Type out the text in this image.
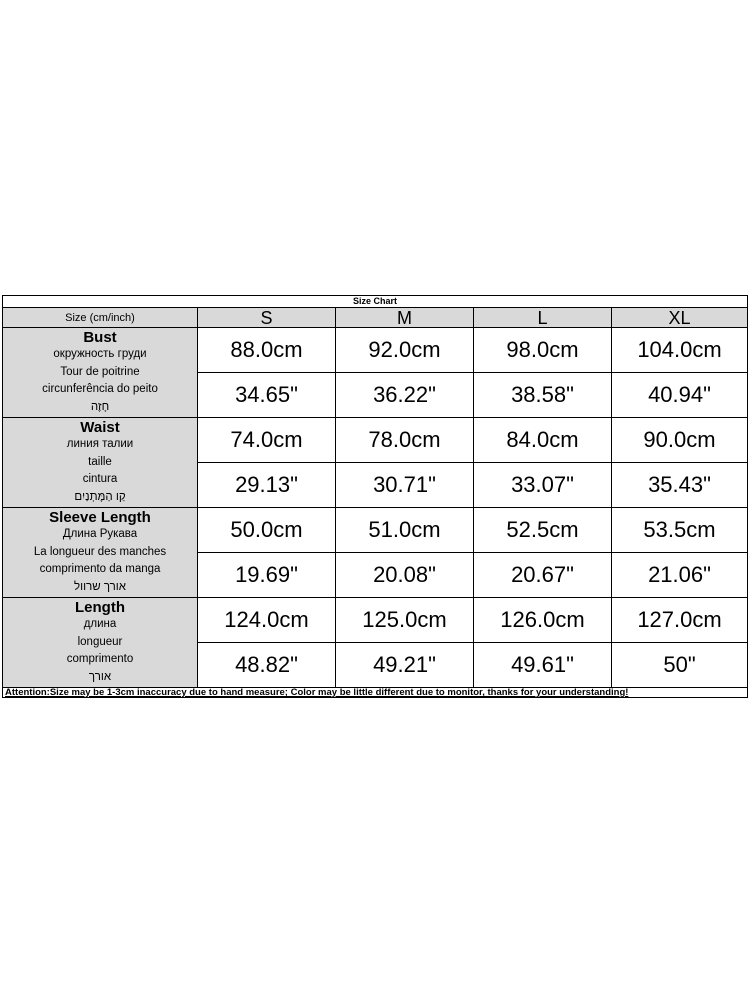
Size Chart				
Size (cm/inch)	S	M	L	XL

Bust
окружность груди
Tour de poitrine
circunferência do peito
חָזֶה	88.0cm	92.0cm	98.0cm	104.0cm
	34.65"	36.22"	38.58"	40.94"

Waist
линия талии
taille
cintura
קַו הַמָּתְנַיִם	74.0cm	78.0cm	84.0cm	90.0cm
	29.13"	30.71"	33.07"	35.43"

Sleeve Length
Длина Рукава
La longueur des manches
comprimento da manga
אורך שרוול	50.0cm	51.0cm	52.5cm	53.5cm
	19.69"	20.08"	20.67"	21.06"

Length
длина
longueur
comprimento
אורך	124.0cm	125.0cm	126.0cm	127.0cm
	48.82"	49.21"	49.61"	50"
Attention:Size may be 1-3cm inaccuracy due to hand measure; Color may be little different due to monitor, thanks for your understanding!				
